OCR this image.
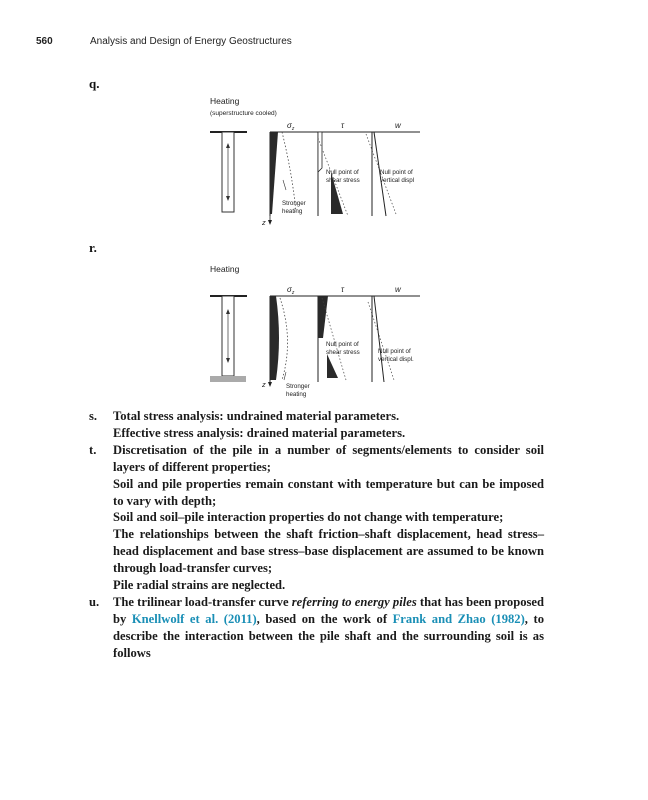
560	Analysis and Design of Energy Geostructures
q.
r.
Heating
(superstructure cooled)
$\sigma_z$	τ	w
z
Stronger
heating
Null point of
shear stress
Null point of
vertical displ
Heating
$\sigma_z$	τ	w
z	Stronger
heating
Null point of
shear stress	Null point of
vertical displ.
s. Total stress analysis: undrained material parameters.

Effective stress analysis: drained material parameters.

t. Discretisation of the pile in a number of segments/elements to consider soil layers of different properties;

Soil and pile properties remain constant with temperature but can be imposed to vary with depth;

Soil and soil–pile interaction properties do not change with temperature;

The relationships between the shaft friction–shaft displacement, head stress–head displacement and base stress–base displacement are assumed to be known through load-transfer curves;

Pile radial strains are neglected.

u. The trilinear load-transfer curve referring to energy piles that has been proposed by Knellwolf et al. (2011), based on the work of Frank and Zhao (1982), to describe the interaction between the pile shaft and the surrounding soil is as follows
